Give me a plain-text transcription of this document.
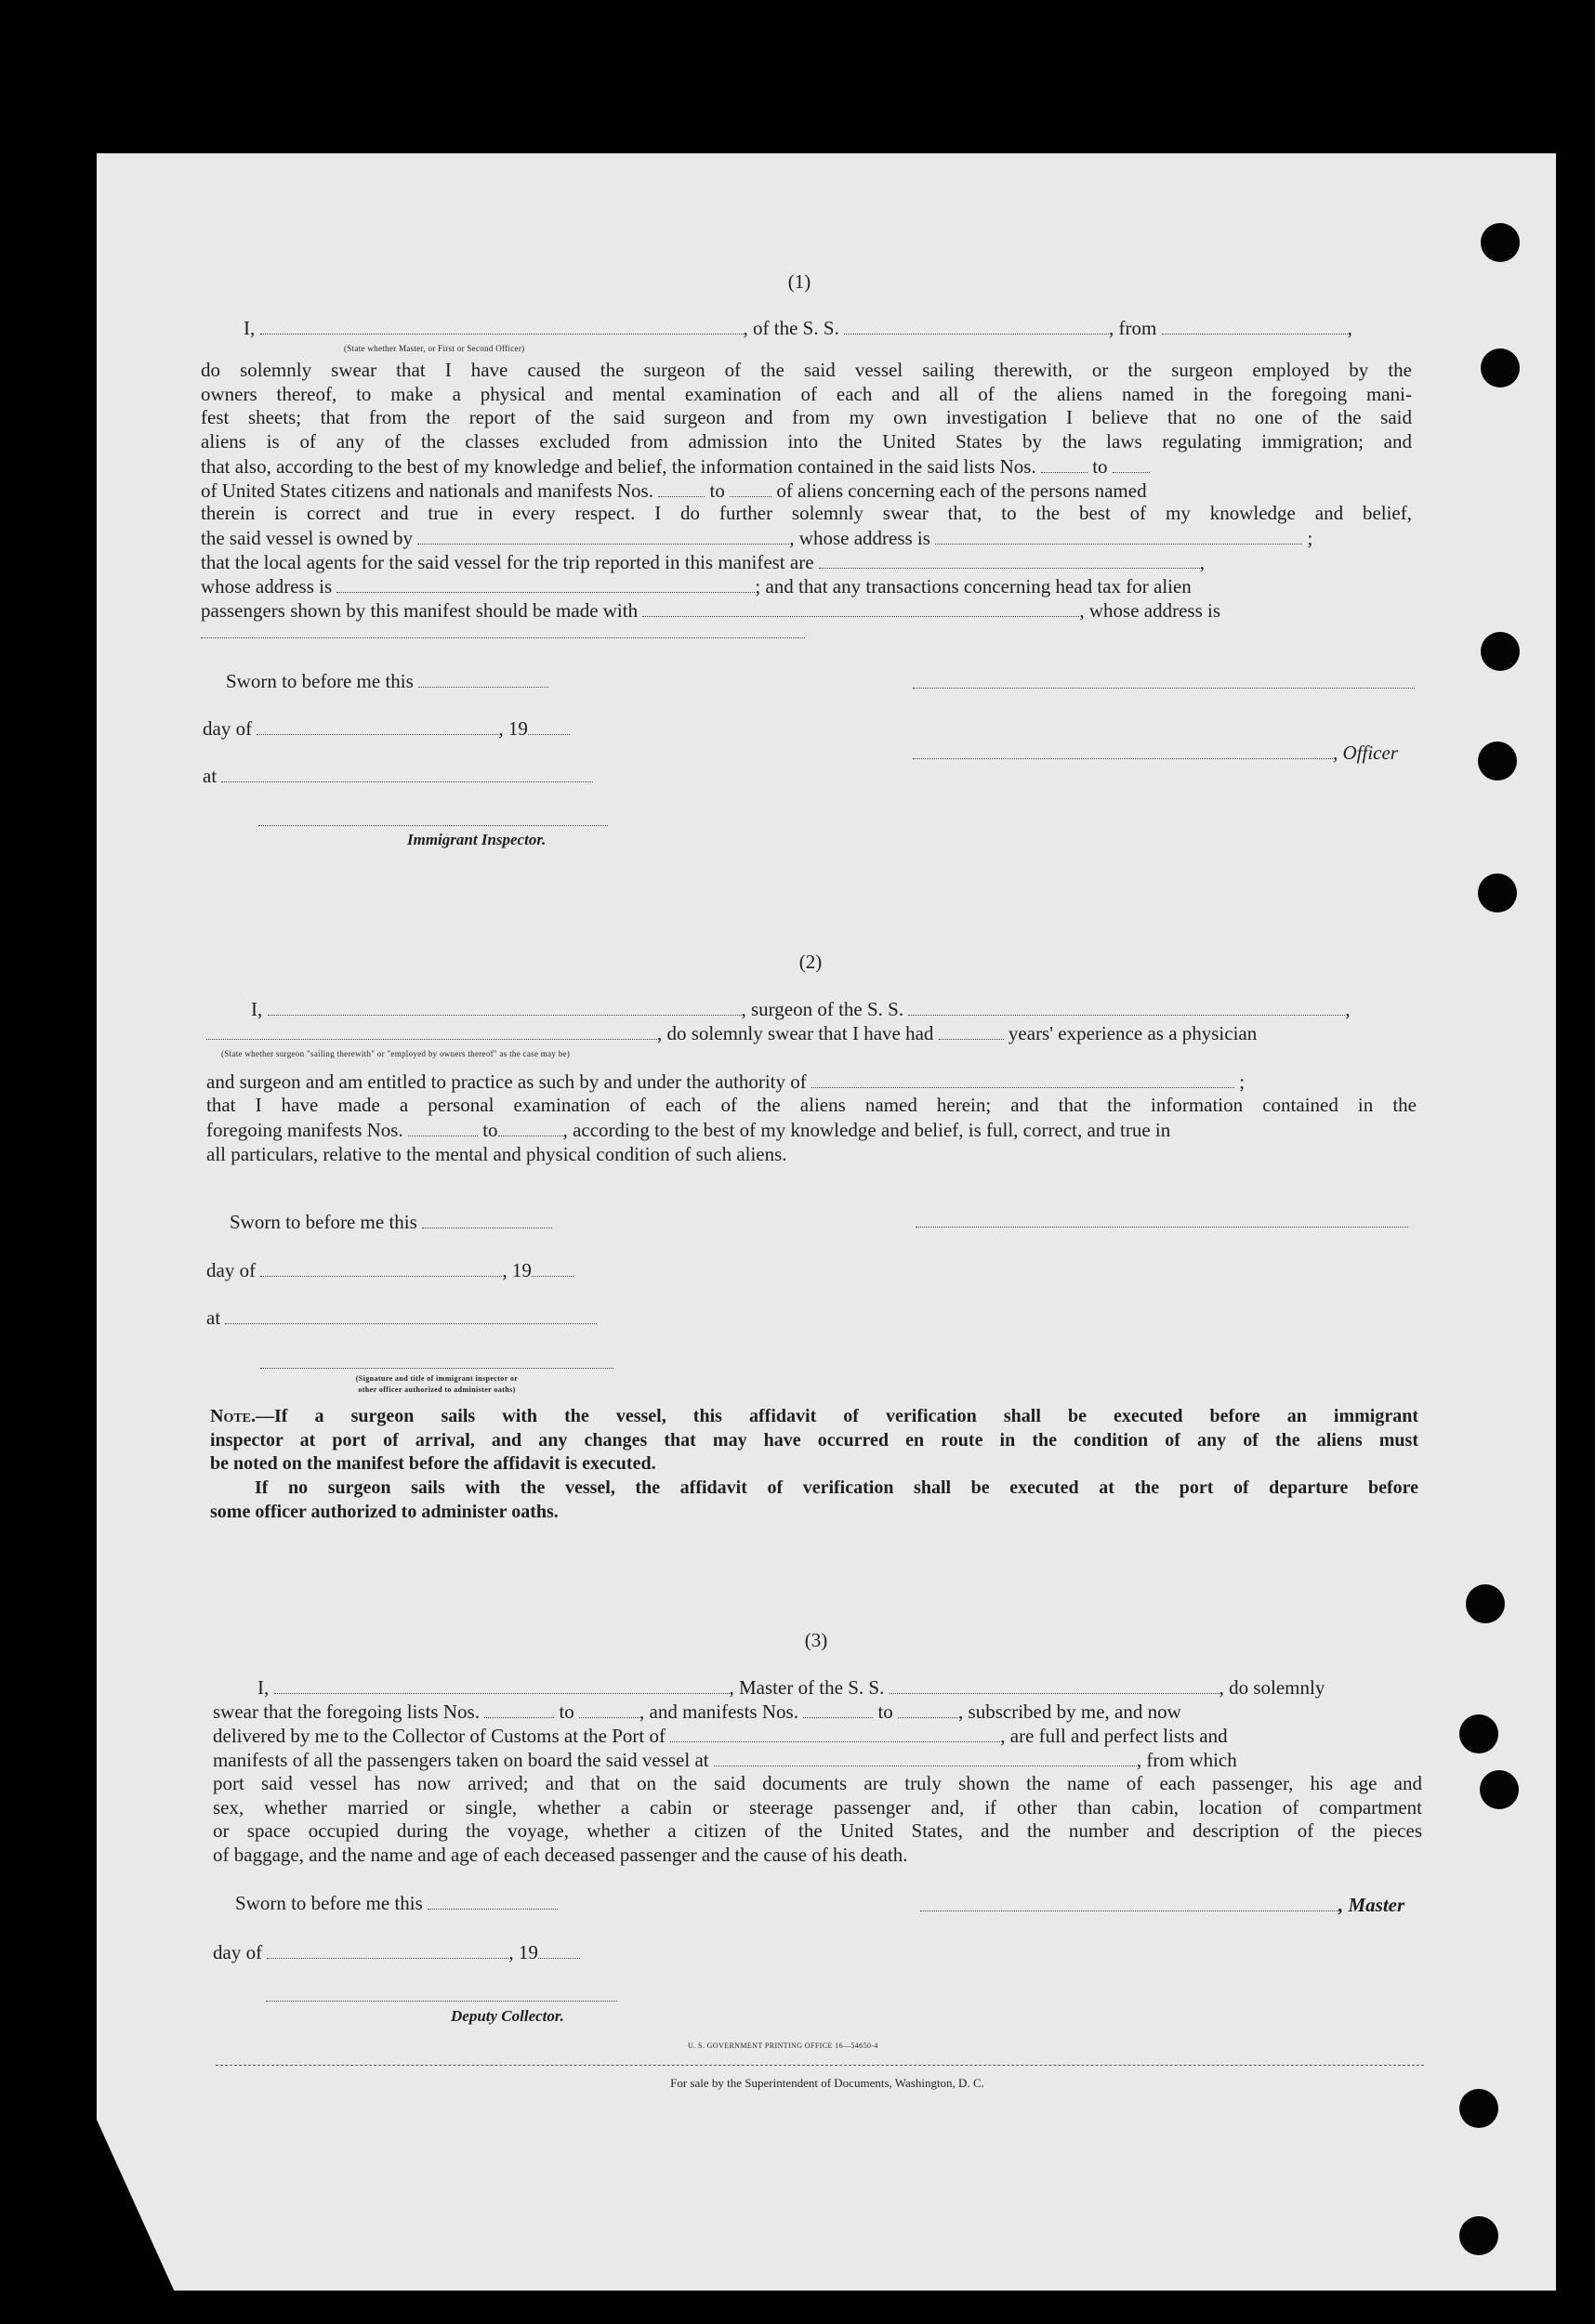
(1)
I,	, of the S. S.	, from	,
(State whether Master, or First or Second Officer)
do solemnly swear that I have caused the surgeon of the said vessel sailing therewith, or the surgeon employed by the
owners thereof, to make a physical and mental examination of each and all of the aliens named in the foregoing mani-
fest sheets; that from the report of the said surgeon and from my own investigation I believe that no one of the said
aliens is of any of the classes excluded from admission into the United States by the laws regulating immigration; and
that also, according to the best of my knowledge and belief, the information contained in the said lists Nos.	to
of United States citizens and nationals and manifests Nos.	to	of aliens concerning each of the persons named
therein is correct and true in every respect. I do further solemnly swear that, to the best of my knowledge and belief,
the said vessel is owned by	, whose address is	;
that the local agents for the said vessel for the trip reported in this manifest are	,
whose address is	; and that any transactions concerning head tax for alien
passengers shown by this manifest should be made with	, whose address is
Sworn to before me this
day of	, 19
, Officer
at
Immigrant Inspector.
(2)
I,	, surgeon of the S. S.	,
, do solemnly swear that I have had	years' experience as a physician
(State whether surgeon "sailing therewith" or "employed by owners thereof" as the case may be)
and surgeon and am entitled to practice as such by and under the authority of	;
that I have made a personal examination of each of the aliens named herein; and that the information contained in the
foregoing manifests Nos.	to	, according to the best of my knowledge and belief, is full, correct, and true in
all particulars, relative to the mental and physical condition of such aliens.
Sworn to before me this
day of	, 19
at
(Signature and title of immigrant inspector or
other officer authorized to administer oaths)
Note.—If a surgeon sails with the vessel, this affidavit of verification shall be executed before an immigrant
inspector at port of arrival, and any changes that may have occurred en route in the condition of any of the aliens must
be noted on the manifest before the affidavit is executed.
If no surgeon sails with the vessel, the affidavit of verification shall be executed at the port of departure before
some officer authorized to administer oaths.
(3)
I,	, Master of the S. S.	, do solemnly
swear that the foregoing lists Nos.	to	, and manifests Nos.	to	, subscribed by me, and now
delivered by me to the Collector of Customs at the Port of	, are full and perfect lists and
manifests of all the passengers taken on board the said vessel at	, from which
port said vessel has now arrived; and that on the said documents are truly shown the name of each passenger, his age and
sex, whether married or single, whether a cabin or steerage passenger and, if other than cabin, location of compartment
or space occupied during the voyage, whether a citizen of the United States, and the number and description of the pieces
of baggage, and the name and age of each deceased passenger and the cause of his death.
Sworn to before me this	, Master
day of	, 19
Deputy Collector.
U. S. GOVERNMENT PRINTING OFFICE 16—54650-4
For sale by the Superintendent of Documents, Washington, D. C.
